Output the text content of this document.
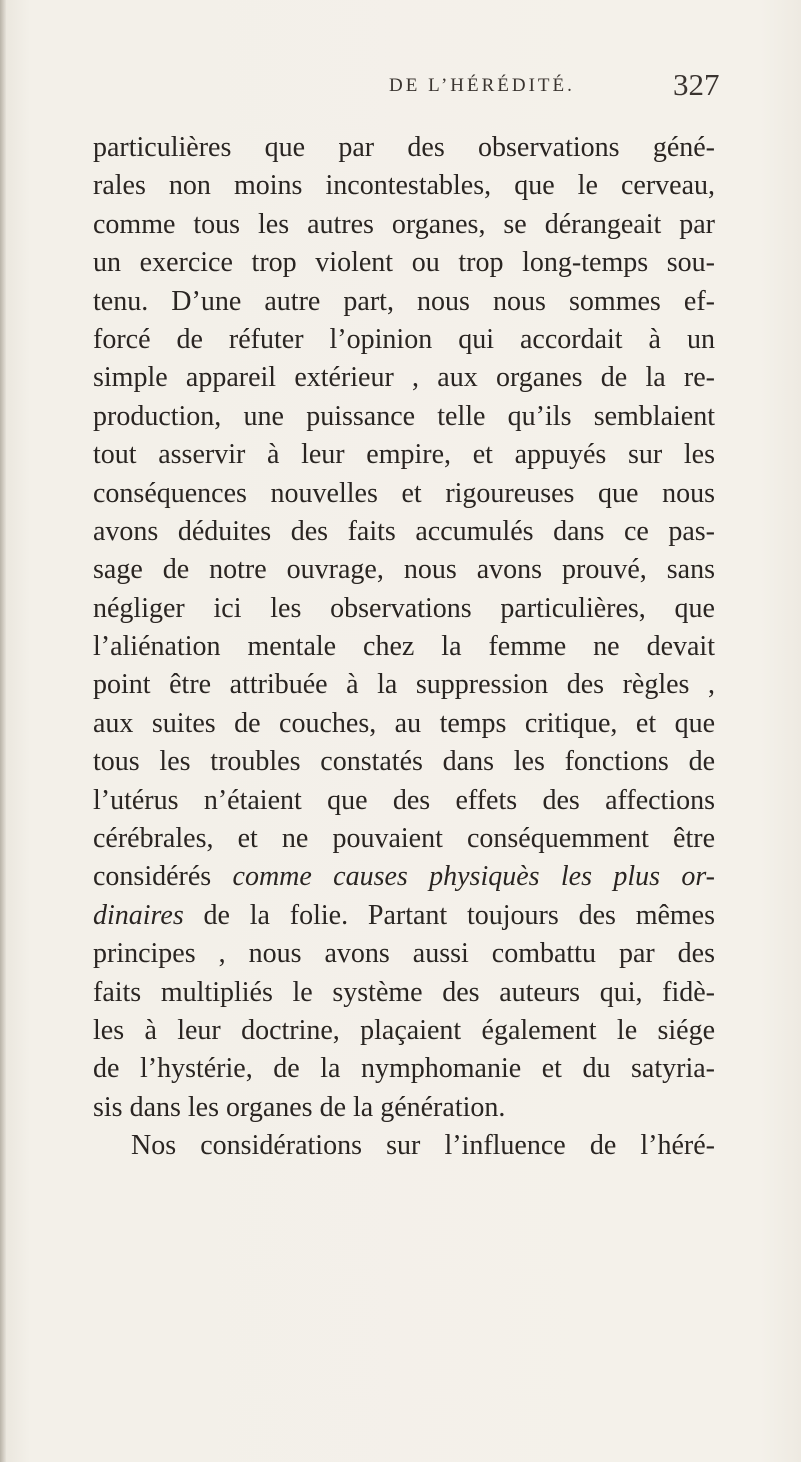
DE L’HÉRÉDITÉ.	327
particulières que par des observations géné-
rales non moins incontestables, que le cerveau,
comme tous les autres organes, se dérangeait par
un exercice trop violent ou trop long-temps sou-
tenu. D’une autre part, nous nous sommes ef-
forcé de réfuter l’opinion qui accordait à un
simple appareil extérieur , aux organes de la re-
production, une puissance telle qu’ils semblaient
tout asservir à leur empire, et appuyés sur les
conséquences nouvelles et rigoureuses que nous
avons déduites des faits accumulés dans ce pas-
sage de notre ouvrage, nous avons prouvé, sans
négliger ici les observations particulières, que
l’aliénation mentale chez la femme ne devait
point être attribuée à la suppression des règles ,
aux suites de couches, au temps critique, et que
tous les troubles constatés dans les fonctions de
l’utérus n’étaient que des effets des affections
cérébrales, et ne pouvaient conséquemment être
considérés comme causes physiquès les plus or-
dinaires de la folie. Partant toujours des mêmes
principes , nous avons aussi combattu par des
faits multipliés le système des auteurs qui, fidè-
les à leur doctrine, plaçaient également le siége
de l’hystérie, de la nymphomanie et du satyria-
sis dans les organes de la génération.
Nos considérations sur l’influence de l’héré-
